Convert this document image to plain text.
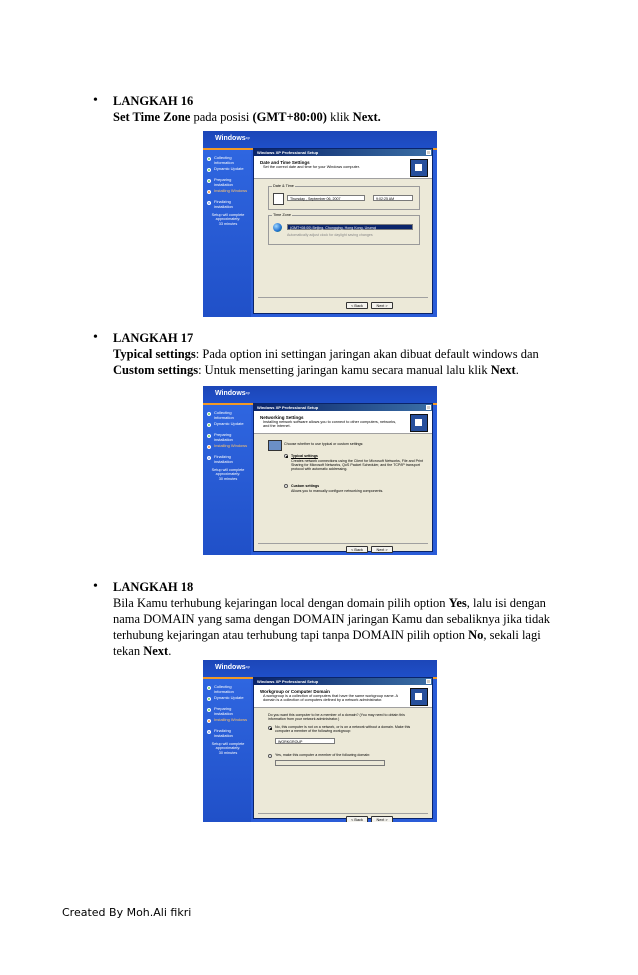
• LANGKAH 16
Set Time Zone pada posisi (GMT+80:00) klik Next.
Windows$^{xp}$
Collecting information
Dynamic Update
Preparing installation
Installing Windows
Finalizing installation
Setup will complete approximately:
33 minutes
Windows XP Professional Setup
Date and Time Settings
Set the correct date and time for your Windows computer.
Date & Time
Thursday , September 06, 2007	9:02:25 AM
Time Zone
(GMT+08:00) Beijing, Chongqing, Hong Kong, Urumqi
Automatically adjust clock for daylight saving changes
< Back	Next >
• LANGKAH 17
Typical settings: Pada option ini settingan jaringan akan dibuat default windows dan
Custom settings: Untuk mensetting jaringan kamu secara manual lalu klik Next.
Windows$^{xp}$
Collecting information
Dynamic Update
Preparing installation
Installing Windows
Finalizing installation
Setup will complete approximately:
30 minutes
Windows XP Professional Setup
Networking Settings
Installing network software allows you to connect to other computers, networks, and the Internet.
Choose whether to use typical or custom settings:
Typical settings
Creates network connections using the Client for Microsoft Networks, File and Print Sharing for Microsoft Networks, QoS Packet Scheduler, and the TCP/IP transport protocol with automatic addressing.
Custom settings
Allows you to manually configure networking components.
< Back	Next >
• LANGKAH 18
Bila Kamu terhubung kejaringan local dengan domain pilih option Yes, lalu isi dengan
nama DOMAIN yang sama dengan DOMAIN jaringan Kamu dan sebaliknya jika tidak
terhubung kejaringan atau terhubung tapi tanpa DOMAIN pilih option No, sekali lagi
tekan Next.
Windows$^{xp}$
Collecting information
Dynamic Update
Preparing installation
Installing Windows
Finalizing installation
Setup will complete approximately:
30 minutes
Windows XP Professional Setup
Workgroup or Computer Domain
A workgroup is a collection of computers that have the same workgroup name. A domain is a collection of computers defined by a network administrator.
Do you want this computer to be a member of a domain? (You may need to obtain this information from your network administrator.)
No, this computer is not on a network, or is on a network without a domain. Make this computer a member of the following workgroup:
WORKGROUP
Yes, make this computer a member of the following domain:
< Back	Next >
Created By Moh.Ali fikri
